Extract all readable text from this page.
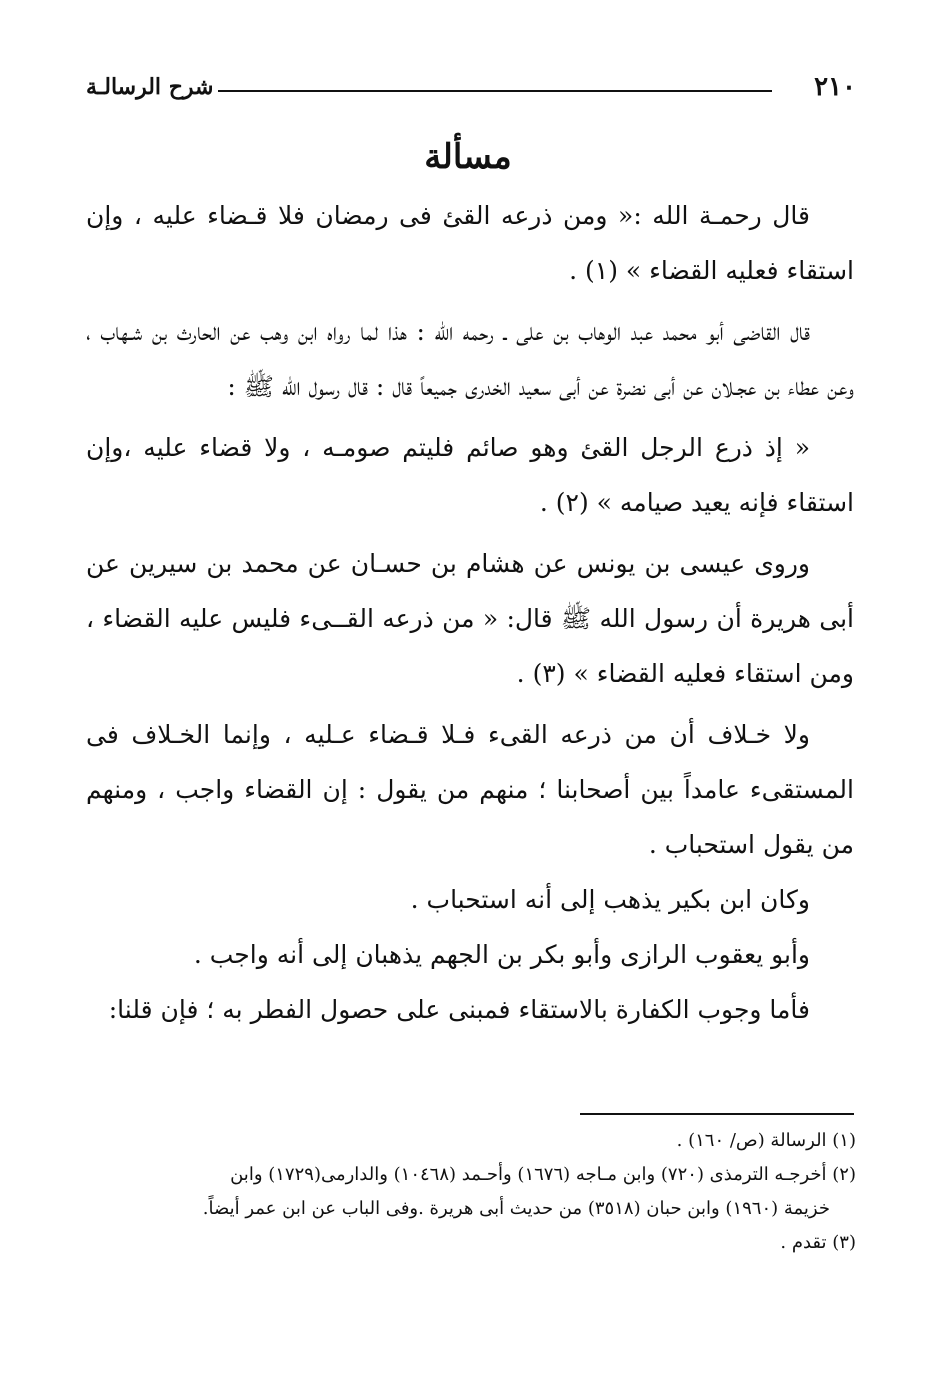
٢١٠
شرح الرسالـة
مسألة

قال رحمـة الله :« ومن ذرعه القئ فى رمضان فلا قـضاء عليه ، وإن استقاء فعليه القضاء » (١) .

قال القاضى أبو محمد عبد الوهاب بن على ـ رحمه الله : هذا لما رواه ابن وهب عن الحارث بن شـهاب ، وعن عطاء بن عجـلان عن أبى نضرة عن أبى سعيد الخدرى جميعاً قال : قال رسول الله ﷺ :

« إذ ذرع الرجل القئ وهو صائم فليتم صومـه ، ولا قضاء عليه ،وإن استقاء فإنه يعيد صيامه » (٢) .

وروى عيسى بن يونس عن هشام بن حسـان عن محمد بن سيرين عن أبى هريرة أن رسول الله ﷺ قال: « من ذرعه القــىء فليس عليه القضاء ، ومن استقاء فعليه القضاء » (٣) .

ولا خـلاف أن من ذرعه القىء فـلا قـضاء عـليه ، وإنما الخـلاف فى المستقىء عامداً بين أصحابنا ؛ منهم من يقول : إن القضاء واجب ، ومنهم من يقول استحباب .

وكان ابن بكير يذهب إلى أنه استحباب .

وأبو يعقوب الرازى وأبو بكر بن الجهم يذهبان إلى أنه واجب .

فأما وجوب الكفارة بالاستقاء فمبنى على حصول الفطر به ؛ فإن قلنا:

(١) الرسالة (ص/ ١٦٠) .

(٢) أخرجـه الترمذى (٧٢٠) وابن مـاجه (١٦٧٦) وأحـمد (١٠٤٦٨) والدارمى(١٧٢٩) وابن

خزيمة (١٩٦٠) وابن حبان (٣٥١٨) من حديث أبى هريرة .وفى الباب عن ابن عمر أيضاً.

(٣) تقدم .
